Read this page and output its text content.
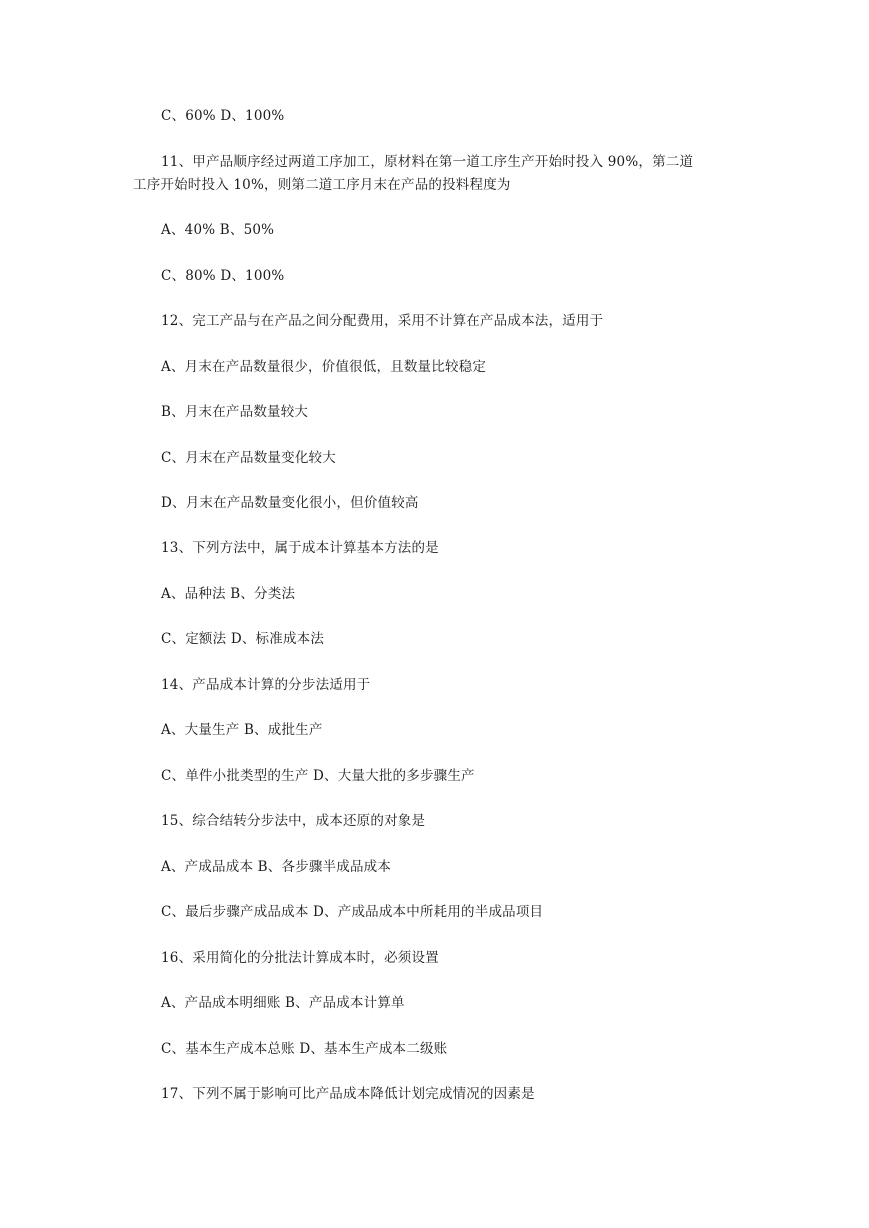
C、60% D、100%
11、甲产品顺序经过两道工序加工，原材料在第一道工序生产开始时投入 90%，第二道
工序开始时投入 10%，则第二道工序月末在产品的投料程度为
A、40% B、50%
C、80% D、100%
12、完工产品与在产品之间分配费用，采用不计算在产品成本法，适用于
A、月末在产品数量很少，价值很低，且数量比较稳定
B、月末在产品数量较大
C、月末在产品数量变化较大
D、月末在产品数量变化很小，但价值较高
13、下列方法中，属于成本计算基本方法的是
A、品种法 B、分类法
C、定额法 D、标准成本法
14、产品成本计算的分步法适用于
A、大量生产 B、成批生产
C、单件小批类型的生产 D、大量大批的多步骤生产
15、综合结转分步法中，成本还原的对象是
A、产成品成本 B、各步骤半成品成本
C、最后步骤产成品成本 D、产成品成本中所耗用的半成品项目
16、采用简化的分批法计算成本时，必须设置
A、产品成本明细账 B、产品成本计算单
C、基本生产成本总账 D、基本生产成本二级账
17、下列不属于影响可比产品成本降低计划完成情况的因素是
